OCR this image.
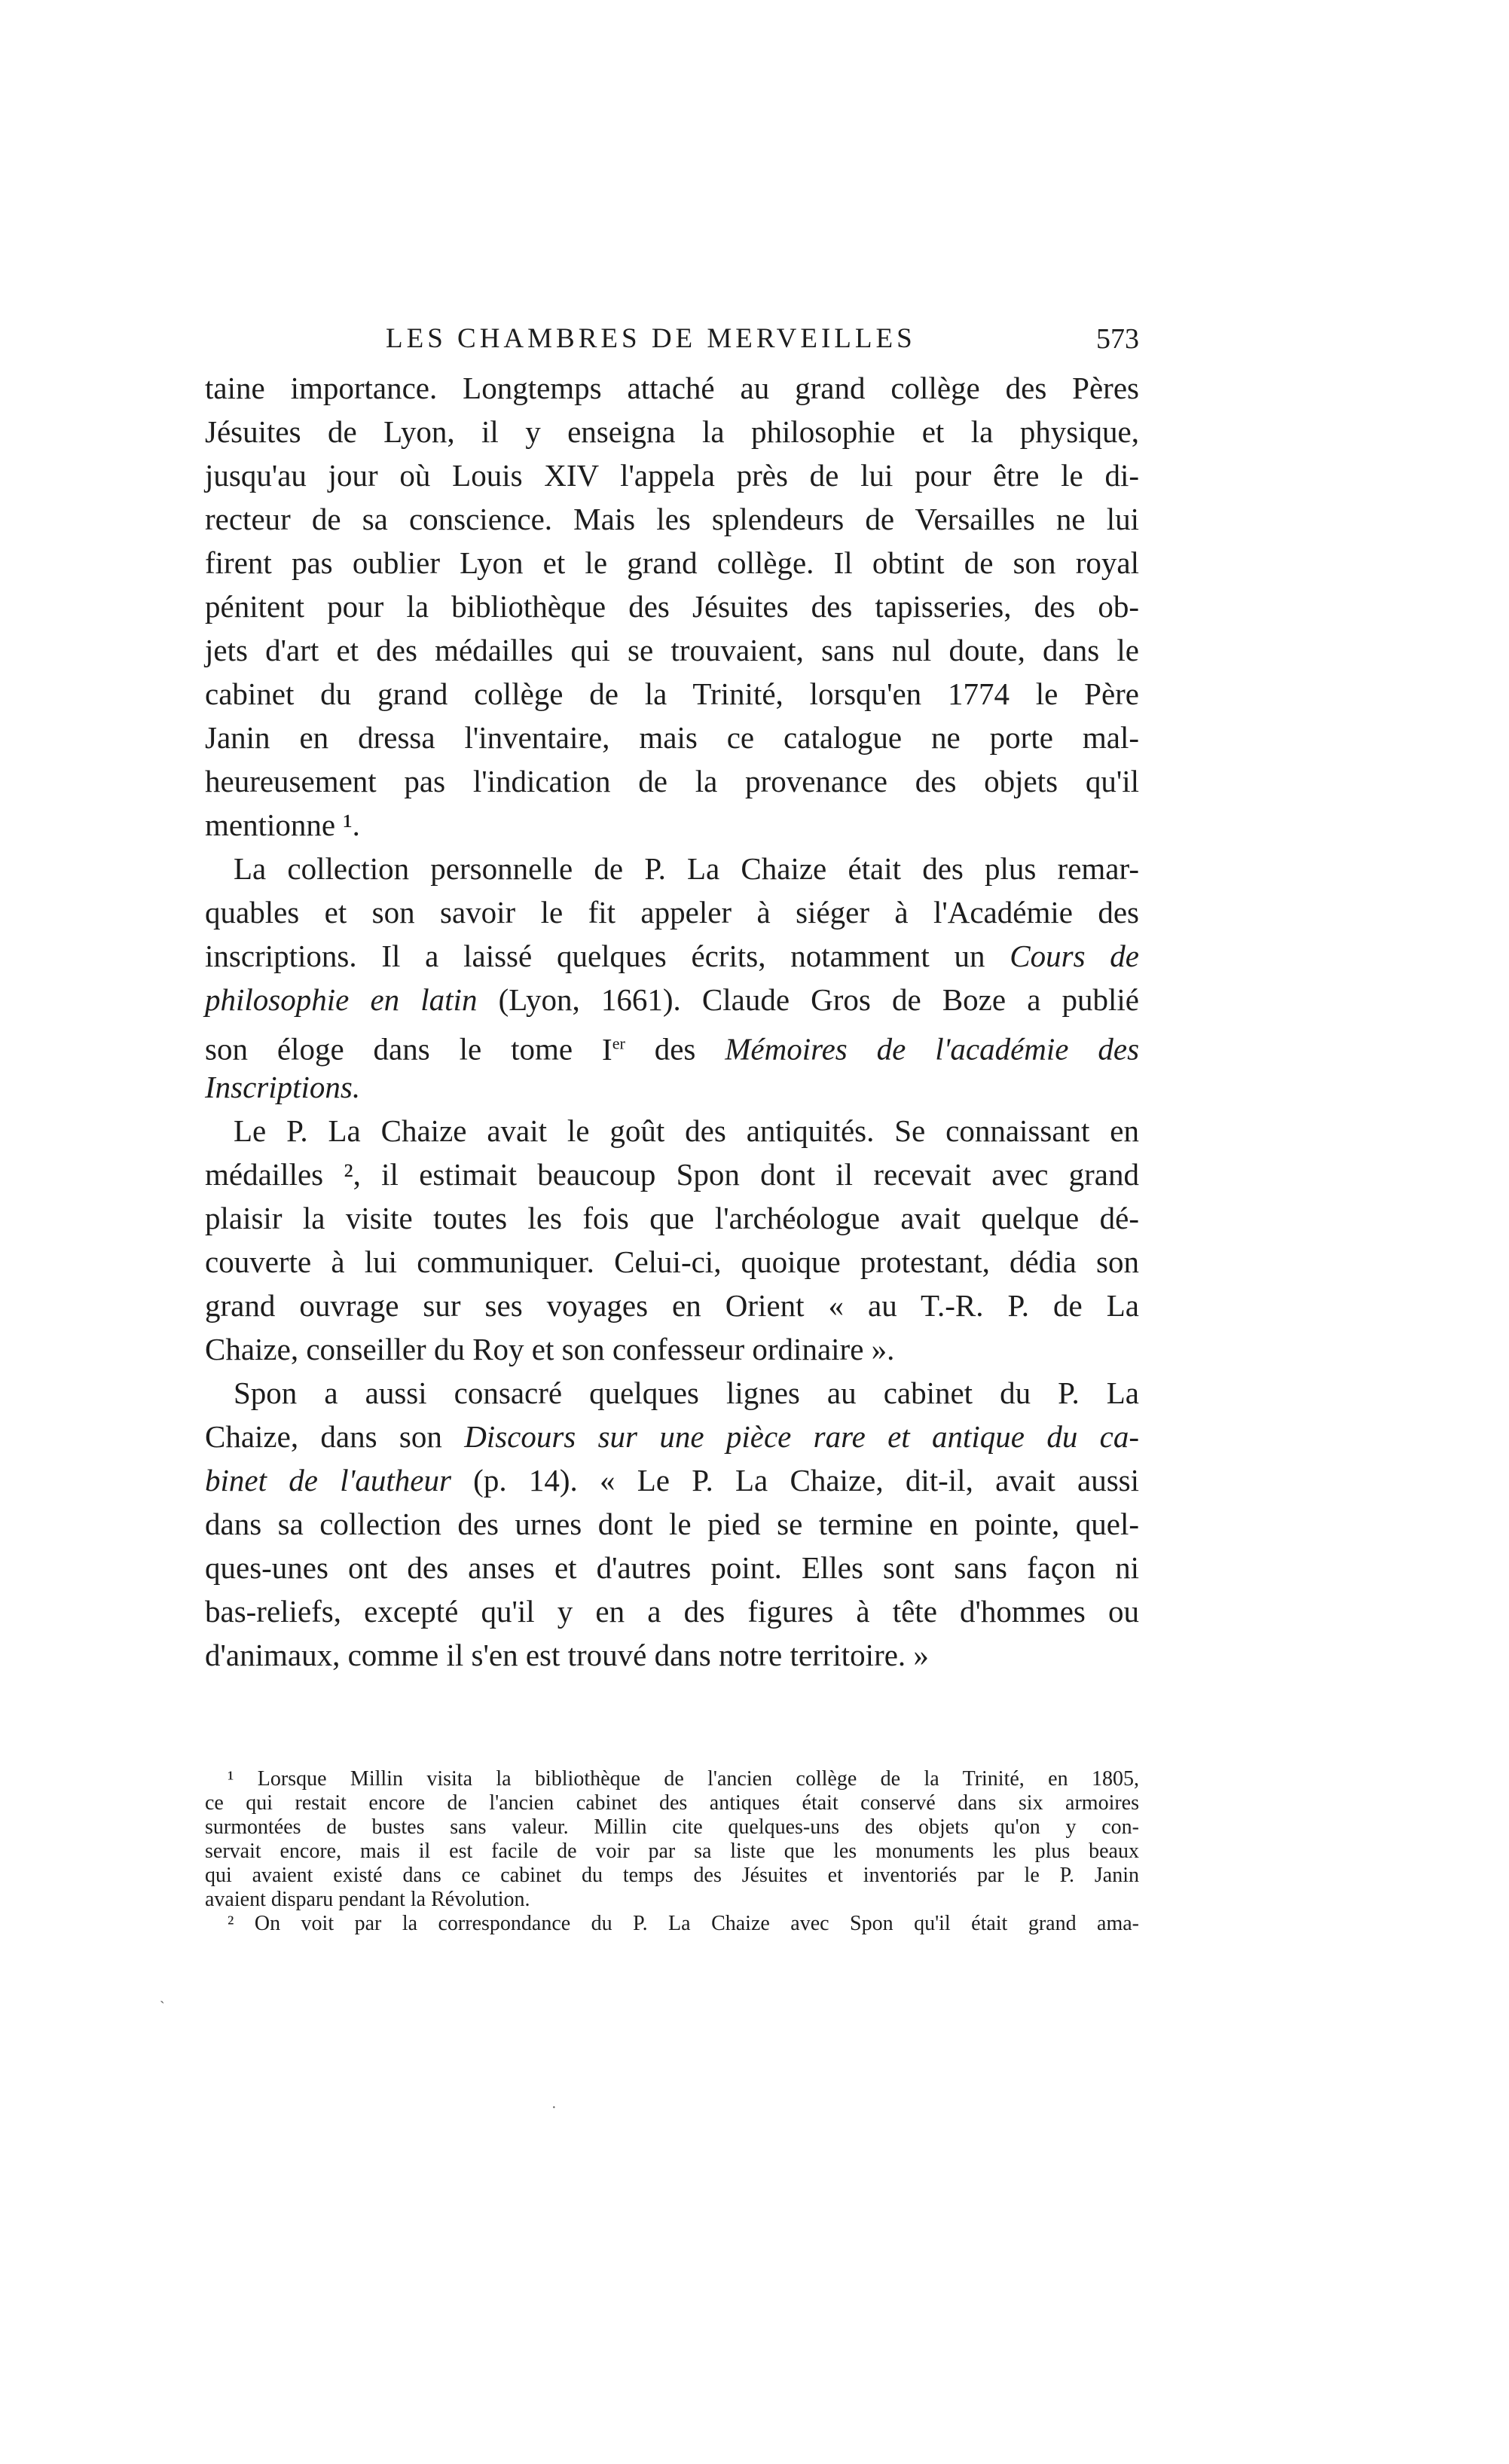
LES CHAMBRES DE MERVEILLES	573
taine importance. Longtemps attaché au grand collège des Pères
Jésuites de Lyon, il y enseigna la philosophie et la physique,
jusqu'au jour où Louis XIV l'appela près de lui pour être le di-
recteur de sa conscience. Mais les splendeurs de Versailles ne lui
firent pas oublier Lyon et le grand collège. Il obtint de son royal
pénitent pour la bibliothèque des Jésuites des tapisseries, des ob-
jets d'art et des médailles qui se trouvaient, sans nul doute, dans le
cabinet du grand collège de la Trinité, lorsqu'en 1774 le Père
Janin en dressa l'inventaire, mais ce catalogue ne porte mal-
heureusement pas l'indication de la provenance des objets qu'il
mentionne ¹.
La collection personnelle de P. La Chaize était des plus remar-
quables et son savoir le fit appeler à siéger à l'Académie des
inscriptions. Il a laissé quelques écrits, notamment un Cours de
philosophie en latin (Lyon, 1661). Claude Gros de Boze a publié
son éloge dans le tome Ier des Mémoires de l'académie des
Inscriptions.
Le P. La Chaize avait le goût des antiquités. Se connaissant en
médailles ², il estimait beaucoup Spon dont il recevait avec grand
plaisir la visite toutes les fois que l'archéologue avait quelque dé-
couverte à lui communiquer. Celui-ci, quoique protestant, dédia son
grand ouvrage sur ses voyages en Orient « au T.-R. P. de La
Chaize, conseiller du Roy et son confesseur ordinaire ».
Spon a aussi consacré quelques lignes au cabinet du P. La
Chaize, dans son Discours sur une pièce rare et antique du ca-
binet de l'autheur (p. 14). « Le P. La Chaize, dit-il, avait aussi
dans sa collection des urnes dont le pied se termine en pointe, quel-
ques-unes ont des anses et d'autres point. Elles sont sans façon ni
bas-reliefs, excepté qu'il y en a des figures à tête d'hommes ou
d'animaux, comme il s'en est trouvé dans notre territoire. »
¹ Lorsque Millin visita la bibliothèque de l'ancien collège de la Trinité, en 1805,
ce qui restait encore de l'ancien cabinet des antiques était conservé dans six armoires
surmontées de bustes sans valeur. Millin cite quelques-uns des objets qu'on y con-
servait encore, mais il est facile de voir par sa liste que les monuments les plus beaux
qui avaient existé dans ce cabinet du temps des Jésuites et inventoriés par le P. Janin
avaient disparu pendant la Révolution.
² On voit par la correspondance du P. La Chaize avec Spon qu'il était grand ama-
ˎ
·
